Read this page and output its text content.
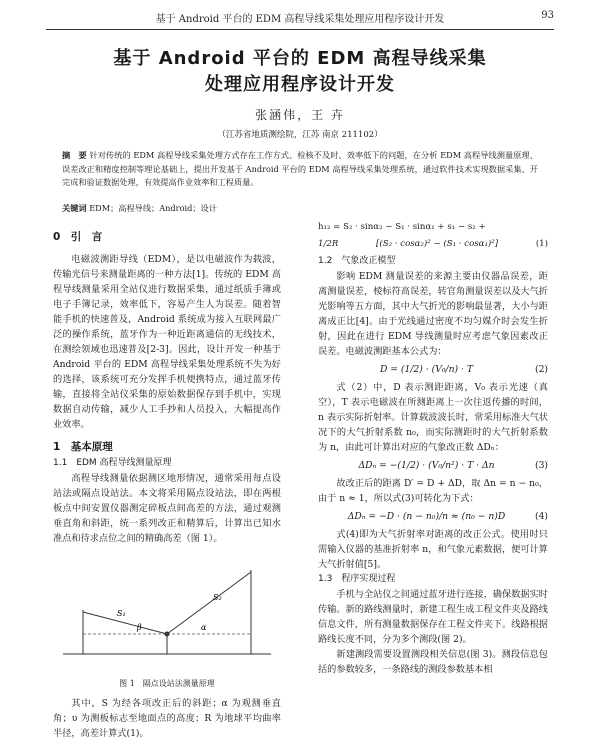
基于 Android 平台的 EDM 高程导线采集处理应用程序设计开发	93
基于 Android 平台的 EDM 高程导线采集
处理应用程序设计开发
张涵伟，王 卉
（江苏省地质测绘院，江苏 南京 211102）
摘　要 针对传统的 EDM 高程导线采集处理方式存在工作方式、检核不及时、效率低下的问题，在分析 EDM 高程导线测量原理、误差改正和精度控制等理论基础上，提出开发基于 Android 平台的 EDM 高程导线采集处理系统，通过软件技术实现数据采集、开完成和验证数据处理，有效提高作业效率和工程质量。
关键词 EDM；高程导线；Android；设计
0　引　言

电磁波测距导线（EDM），是以电磁波作为载波，传输光信号来测量距离的一种方法[1]。传统的 EDM 高程导线测量采用全站仪进行数据采集，通过纸质手簿或电子手簿记录，效率低下，容易产生人为误差。随着智能手机的快速普及，Android 系统成为接入互联网最广泛的操作系统，蓝牙作为一种近距离通信的无线技术，在测绘领域也迅速普及[2-3]。因此，设计开发一种基于 Android 平台的 EDM 高程导线采集处理系统不失为好的选择，该系统可充分发挥手机便携特点，通过蓝牙传输，直接将全站仪采集的原始数据保存到手机中，实现数据自动传输，减少人工手抄和人员投入，大幅提高作业效率。

1　基本原理
1.1　EDM 高程导线测量原理

高程导线测量依据测区地形情况，通常采用每点设站法或隔点设站法。本文将采用隔点设站法，即在两根板点中间安置仪器测定碎板点间高差的方法，通过观测垂直角和斜距，统一系列改正和精算后，计算出已知水准点和待求点位之间的精确高差（图 1）。

α
β
S₂
S₁
图 1　隔点设站法测量原理

其中，S 为经各项改正后的斜距；α 为观测垂直角；υ 为测板标志至地面点的高度；R 为地球平均曲率半径，高差计算式(1)。

h₁₂ = S₂ · sinα₂ − S₁ · sinα₁ + s₁ − s₂ +
1/2R	[(S₂ · cosα₂)² − (S₁ · cosα₁)²]	(1)
1.2　气象改正模型

影响 EDM 测量误差的来源主要由仪器品误差，距离测量误差，棱标符高误差，转官角测量误差以及大气折光影响等五方面，其中大气折光的影响最显著，大小与距离成正比[4]。由于光线通过密度不均匀媒介时会发生折射，因此在进行 EDM 导线测量时应考虑气象因素改正误差。电磁波测距基本公式为：

D = (1/2) · (V₀/n) · T	(2)

式（2）中，D 表示测距距离，V₀ 表示光速（真空），T 表示电磁波在所测距离上一次往返传播的时间，n 表示实际折射率。计算载波波长时，常采用标准大气状况下的大气折射系数 n₀，而实际测距时的大气折射系数为 n，由此可计算出对应的气象改正数 ΔDₙ：

ΔDₙ = −(1/2) · (V₀/n²) · T · Δn	(3)

故改正后的距离 D′ = D + ΔD，取 Δn = n − n₀，由于 n ≈ 1，所以式(3)可转化为下式：

ΔDₙ = −D · (n − n₀)/n ≈ (n₀ − n)D	(4)

式(4)即为大气折射率对距离的改正公式。使用时只需输入仪器的基准折射率 n，和气象元素数据，便可计算大气折射值[5]。

1.3　程序实现过程

手机与全站仪之间通过蓝牙进行连接，确保数据实时传输。新的路线测量时，新建工程生成工程文件夹及路线信息文件，所有测量数据保存在工程文件夹下。线路根据路线长度不同，分为多个测段(图 2)。

新建测段需要设置测段相关信息(图 3)。测段信息包括的参数较多，一条路线的测段参数基本相
